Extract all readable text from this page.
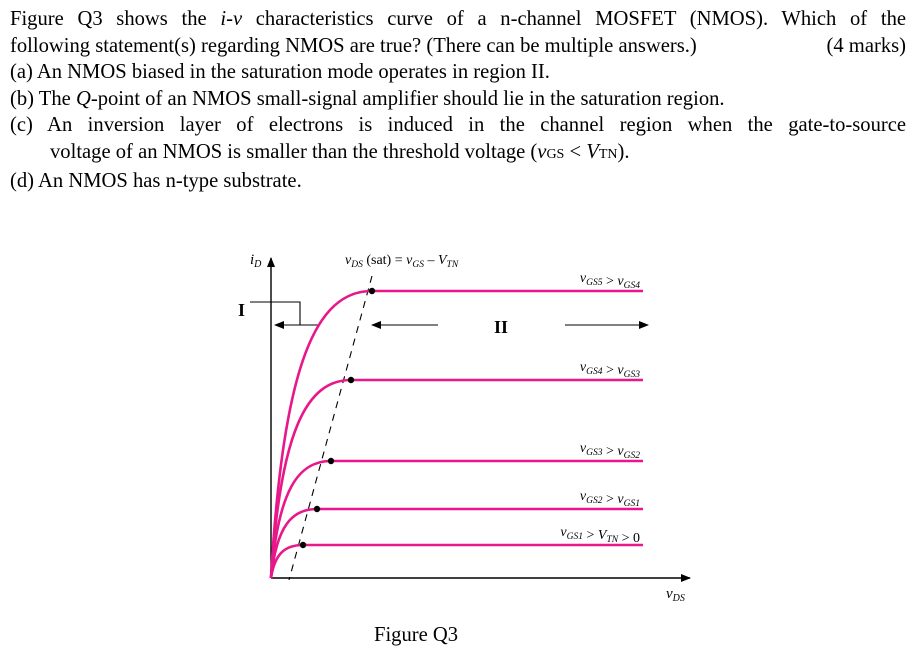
Figure Q3 shows the i-v characteristics curve of a n-channel MOSFET (NMOS). Which of the
following statement(s) regarding NMOS are true? (There can be multiple answers.)	(4 marks)
(a) An NMOS biased in the saturation mode operates in region II.
(b) The Q-point of an NMOS small-signal amplifier should lie in the saturation region.
(c) An inversion layer of electrons is induced in the channel region when the gate-to-source
voltage of an NMOS is smaller than the threshold voltage (vGS < VTN).
(d) An NMOS has n-type substrate.
$i_D$
$v_{DS}$
I
II
$v_{DS}$ $(sat) = v_{GS} - V_{TN}$
$v_{GS5} > v_{GS4}$
$v_{GS4} > v_{GS3}$
$v_{GS3} > v_{GS2}$
$v_{GS2} > v_{GS1}$
$v_{GS1} > V_{TN} > 0$
Figure Q3
